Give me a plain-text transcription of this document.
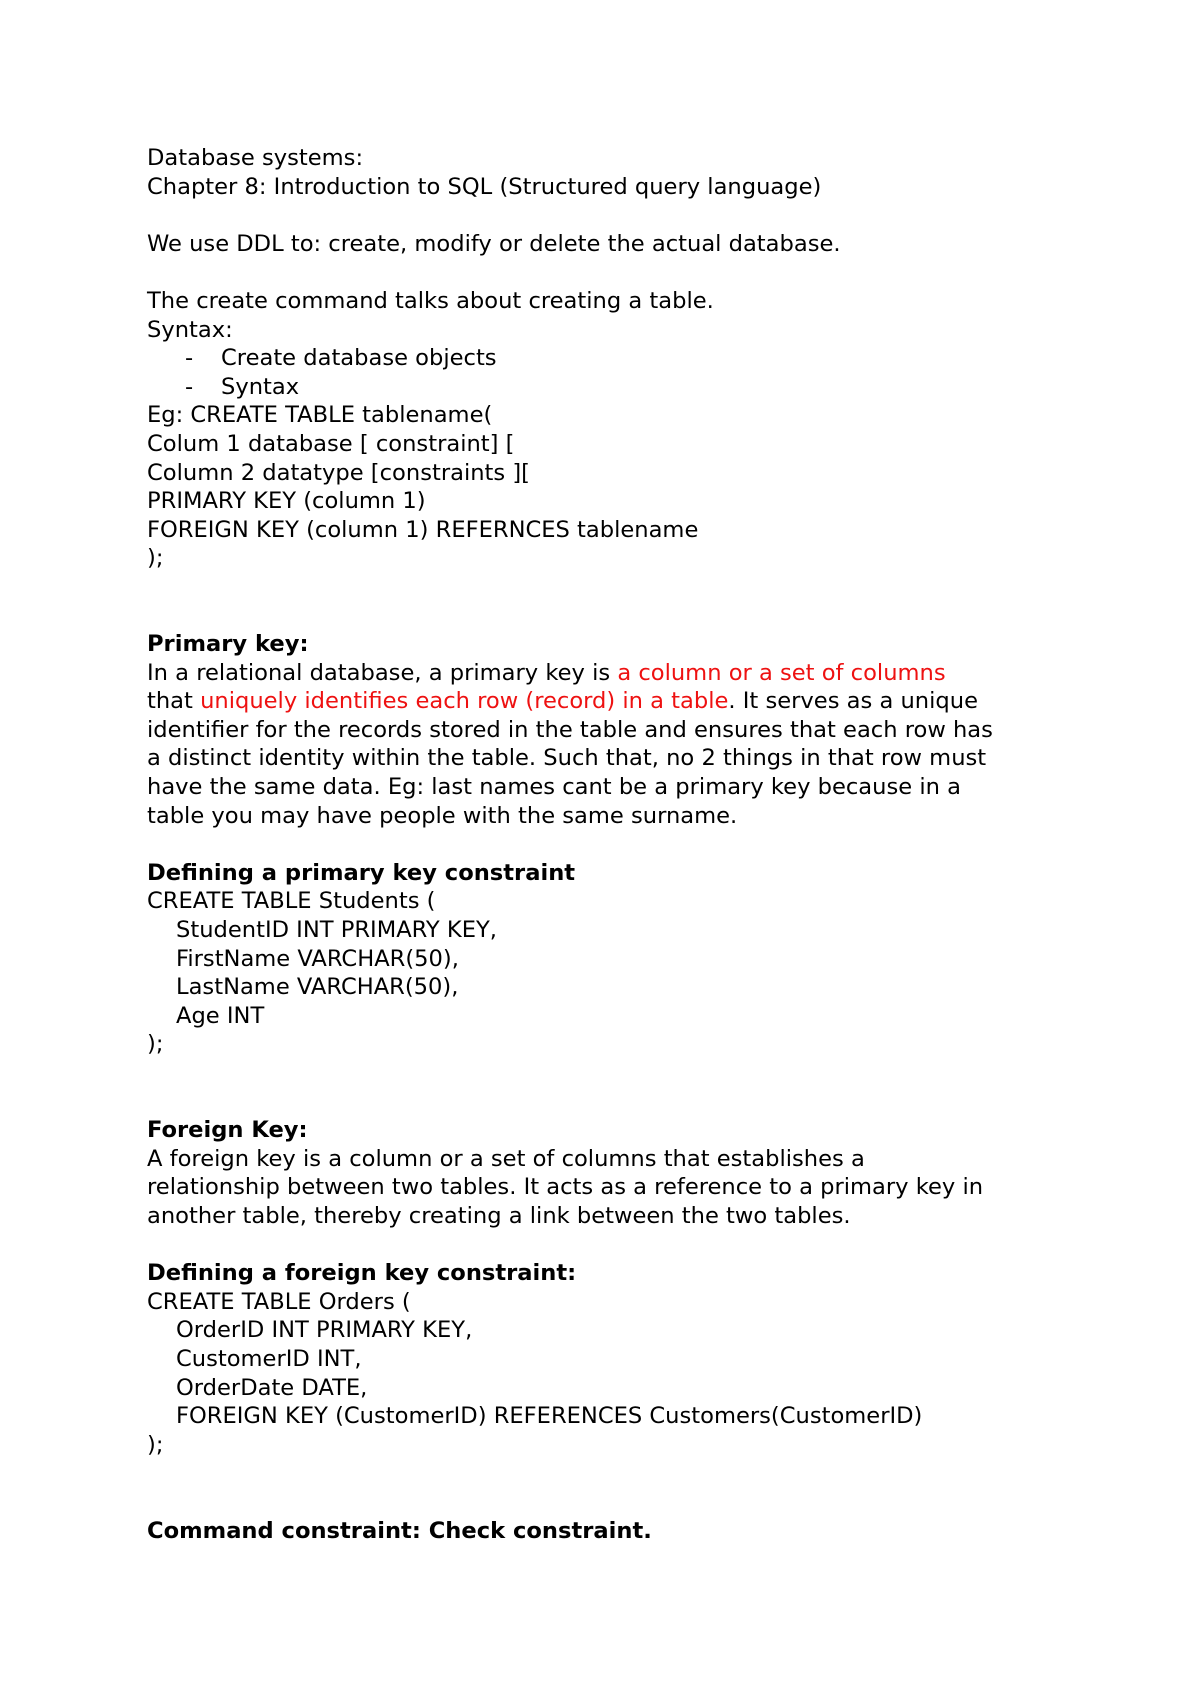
Database systems:
Chapter 8: Introduction to SQL (Structured query language)
We use DDL to: create, modify or delete the actual database.
The create command talks about creating a table.
Syntax:
-	Create database objects
-	Syntax
Eg: CREATE TABLE tablename(
Colum 1 database [ constraint] [
Column 2 datatype [constraints ][
PRIMARY KEY (column 1)
FOREIGN KEY (column 1) REFERNCES tablename
);
Primary key:
In a relational database, a primary key is a column or a set of columns
that uniquely identifies each row (record) in a table. It serves as a unique
identifier for the records stored in the table and ensures that each row has
a distinct identity within the table. Such that, no 2 things in that row must
have the same data. Eg: last names cant be a primary key because in a
table you may have people with the same surname.
Defining a primary key constraint
CREATE TABLE Students (
StudentID INT PRIMARY KEY,
FirstName VARCHAR(50),
LastName VARCHAR(50),
Age INT
);
Foreign Key:
A foreign key is a column or a set of columns that establishes a
relationship between two tables. It acts as a reference to a primary key in
another table, thereby creating a link between the two tables.
Defining a foreign key constraint:
CREATE TABLE Orders (
OrderID INT PRIMARY KEY,
CustomerID INT,
OrderDate DATE,
FOREIGN KEY (CustomerID) REFERENCES Customers(CustomerID)
);
Command constraint: Check constraint.
